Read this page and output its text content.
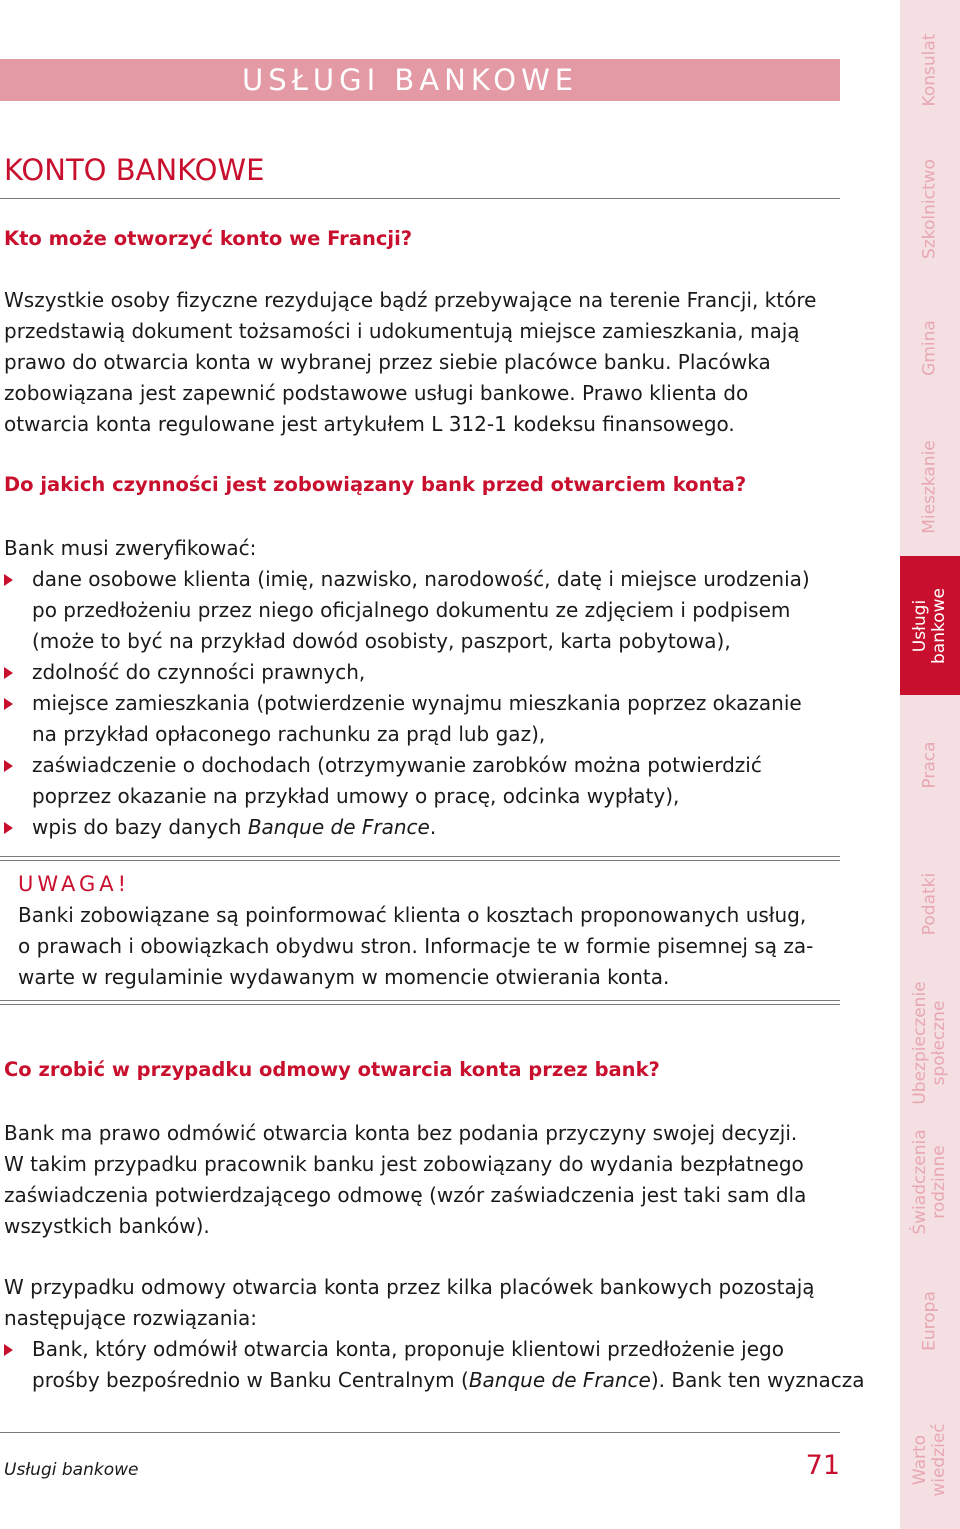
USŁUGI BANKOWE
KONTO BANKOWE
Kto może otworzyć konto we Francji?

Wszystkie osoby fizyczne rezydujące bądź przebywające na terenie Francji, które
przedstawią dokument tożsamości i udokumentują miejsce zamieszkania, mają
prawo do otwarcia konta w wybranej przez siebie placówce banku. Placówka
zobowiązana jest zapewnić podstawowe usługi bankowe. Prawo klienta do
otwarcia konta regulowane jest artykułem L 312-1 kodeksu finansowego.

Do jakich czynności jest zobowiązany bank przed otwarciem konta?

Bank musi zweryfikować:

dane osobowe klienta (imię, nazwisko, narodowość, datę i miejsce urodzenia)
po przedłożeniu przez niego oficjalnego dokumentu ze zdjęciem i podpisem
(może to być na przykład dowód osobisty, paszport, karta pobytowa),
zdolność do czynności prawnych,
miejsce zamieszkania (potwierdzenie wynajmu mieszkania poprzez okazanie
na przykład opłaconego rachunku za prąd lub gaz),
zaświadczenie o dochodach (otrzymywanie zarobków można potwierdzić
poprzez okazanie na przykład umowy o pracę, odcinka wypłaty),
wpis do bazy danych Banque de France.

UWAGA!

Banki zobowiązane są poinformować klienta o kosztach proponowanych usług,
o prawach i obowiązkach obydwu stron. Informacje te w formie pisemnej są za-
warte w regulaminie wydawanym w momencie otwierania konta.

Co zrobić w przypadku odmowy otwarcia konta przez bank?

Bank ma prawo odmówić otwarcia konta bez podania przyczyny swojej decyzji.
W takim przypadku pracownik banku jest zobowiązany do wydania bezpłatnego
zaświadczenia potwierdzającego odmowę (wzór zaświadczenia jest taki sam dla
wszystkich banków).

W przypadku odmowy otwarcia konta przez kilka placówek bankowych pozostają
następujące rozwiązania:

Bank, który odmówił otwarcia konta, proponuje klientowi przedłożenie jego
prośby bezpośrednio w Banku Centralnym (Banque de France). Bank ten wyznacza
Usługi bankowe	71
Konsulat
Szkolnictwo
Gmina
Mieszkanie
Usługi bankowe
Praca
Podatki
Ubezpieczenie społeczne
Świadczenia rodzinne
Europa
Warto wiedzieć
